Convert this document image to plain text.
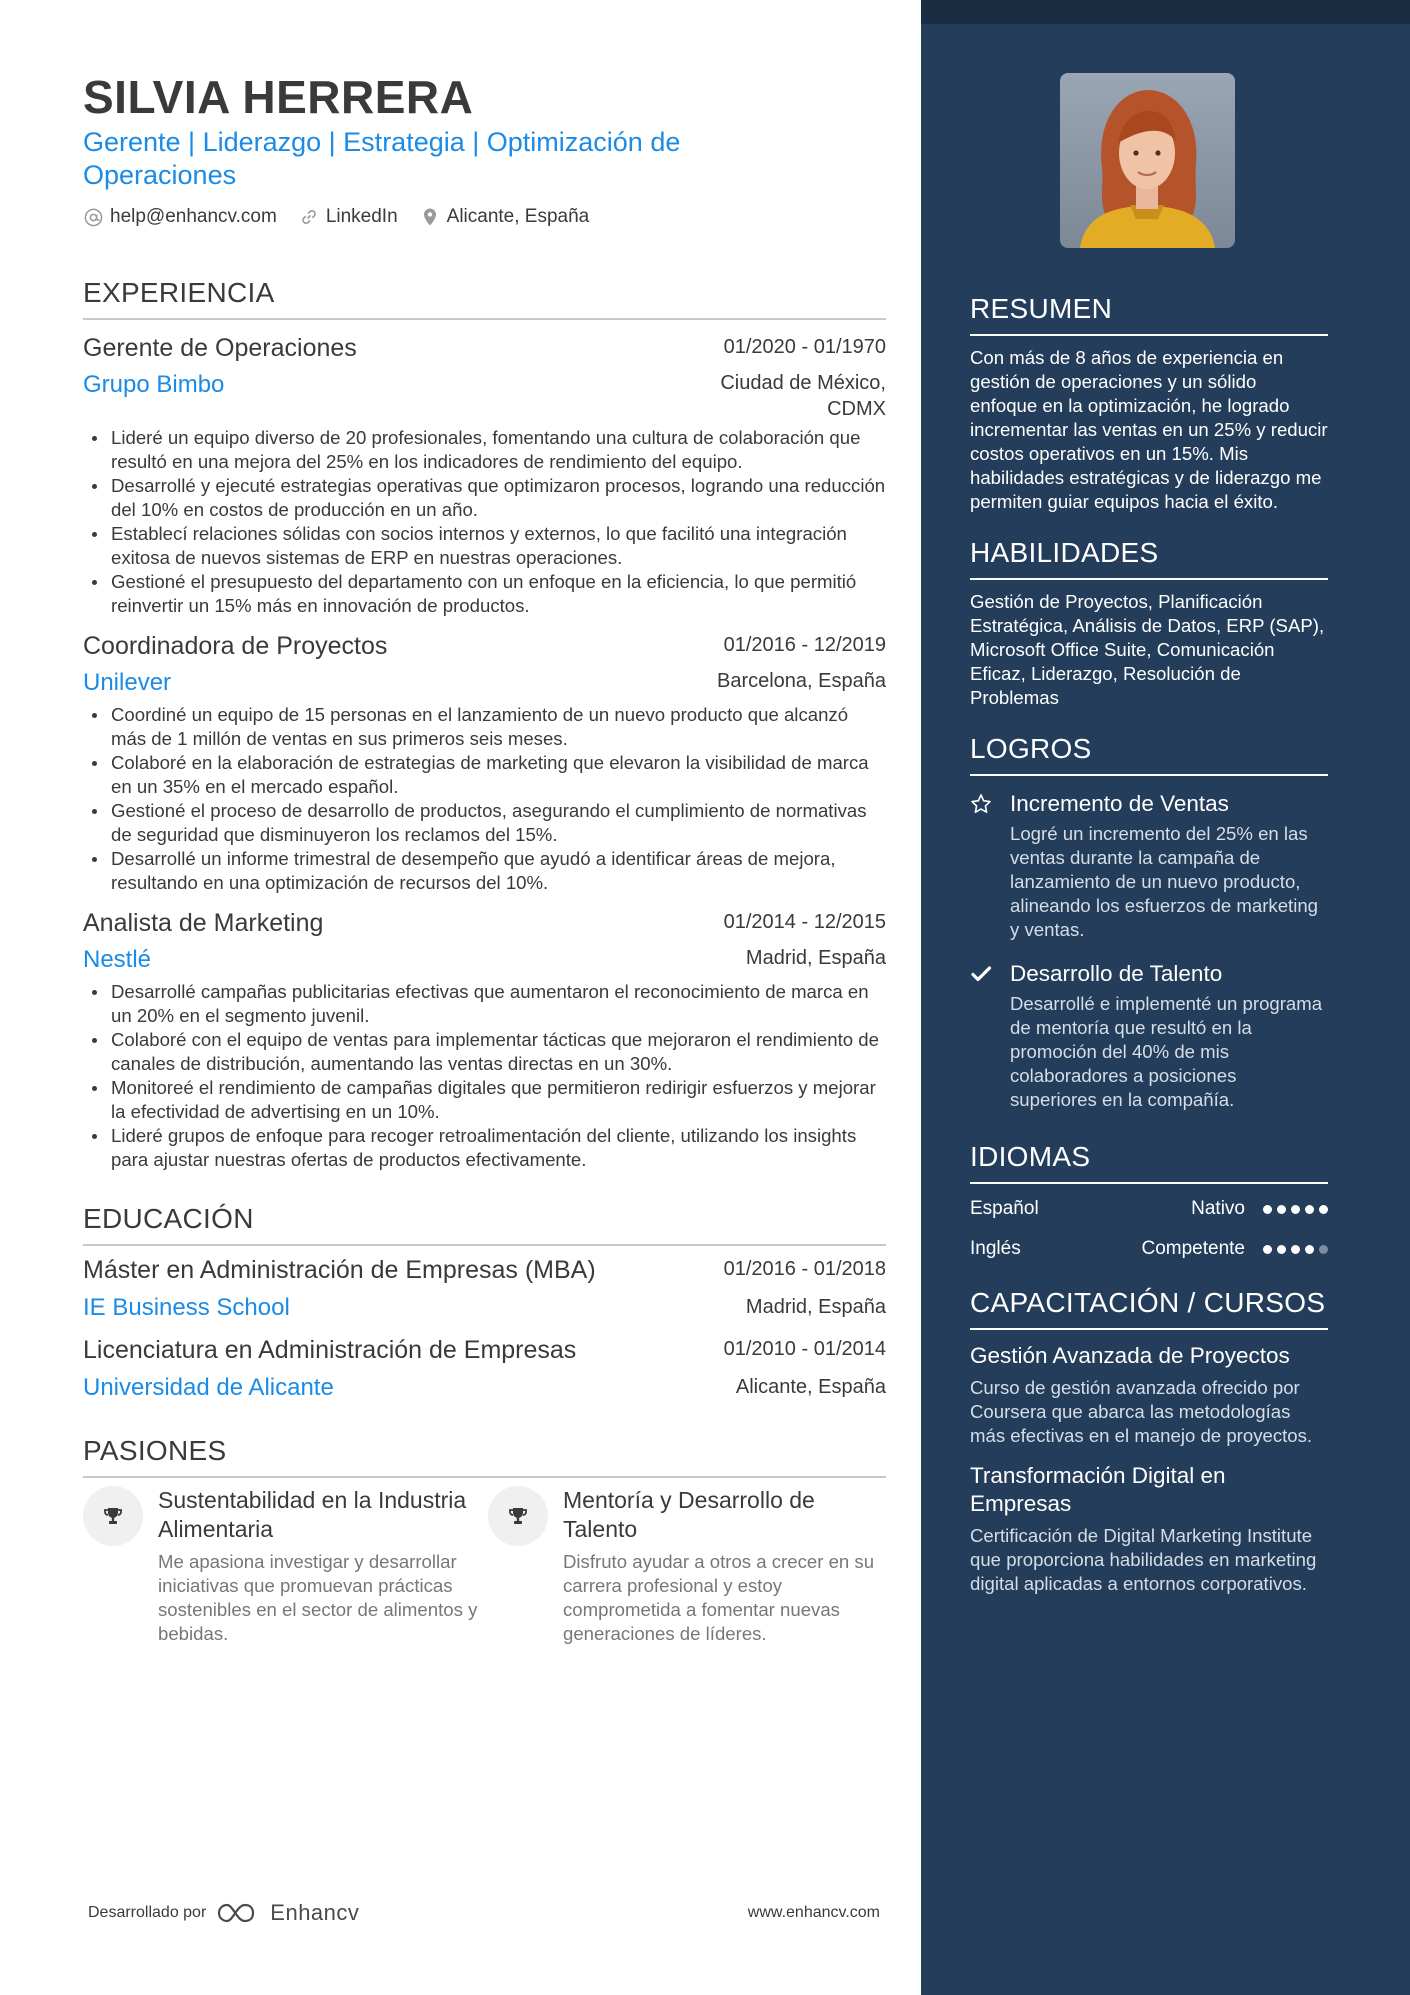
SILVIA HERRERA
Gerente | Liderazgo | Estrategia | Optimización de Operaciones
help@enhancv.com	LinkedIn	Alicante, España
EXPERIENCIA
Gerente de Operaciones	01/2020 - 01/1970
Grupo Bimbo	Ciudad de México, CDMX
Lideré un equipo diverso de 20 profesionales, fomentando una cultura de colaboración que resultó en una mejora del 25% en los indicadores de rendimiento del equipo.
Desarrollé y ejecuté estrategias operativas que optimizaron procesos, logrando una reducción del 10% en costos de producción en un año.
Establecí relaciones sólidas con socios internos y externos, lo que facilitó una integración exitosa de nuevos sistemas de ERP en nuestras operaciones.
Gestioné el presupuesto del departamento con un enfoque en la eficiencia, lo que permitió reinvertir un 15% más en innovación de productos.
Coordinadora de Proyectos	01/2016 - 12/2019
Unilever	Barcelona, España
Coordiné un equipo de 15 personas en el lanzamiento de un nuevo producto que alcanzó más de 1 millón de ventas en sus primeros seis meses.
Colaboré en la elaboración de estrategias de marketing que elevaron la visibilidad de marca en un 35% en el mercado español.
Gestioné el proceso de desarrollo de productos, asegurando el cumplimiento de normativas de seguridad que disminuyeron los reclamos del 15%.
Desarrollé un informe trimestral de desempeño que ayudó a identificar áreas de mejora, resultando en una optimización de recursos del 10%.
Analista de Marketing	01/2014 - 12/2015
Nestlé	Madrid, España
Desarrollé campañas publicitarias efectivas que aumentaron el reconocimiento de marca en un 20% en el segmento juvenil.
Colaboré con el equipo de ventas para implementar tácticas que mejoraron el rendimiento de canales de distribución, aumentando las ventas directas en un 30%.
Monitoreé el rendimiento de campañas digitales que permitieron redirigir esfuerzos y mejorar la efectividad de advertising en un 10%.
Lideré grupos de enfoque para recoger retroalimentación del cliente, utilizando los insights para ajustar nuestras ofertas de productos efectivamente.
EDUCACIÓN
Máster en Administración de Empresas (MBA)	01/2016 - 01/2018
IE Business School	Madrid, España
Licenciatura en Administración de Empresas	01/2010 - 01/2014
Universidad de Alicante	Alicante, España
PASIONES
Sustentabilidad en la Industria Alimentaria
Me apasiona investigar y desarrollar iniciativas que promuevan prácticas sostenibles en el sector de alimentos y bebidas.
Mentoría y Desarrollo de Talento
Disfruto ayudar a otros a crecer en su carrera profesional y estoy comprometida a fomentar nuevas generaciones de líderes.
Desarrollado por	Enhancv	www.enhancv.com
RESUMEN
Con más de 8 años de experiencia en gestión de operaciones y un sólido enfoque en la optimización, he logrado incrementar las ventas en un 25% y reducir costos operativos en un 15%. Mis habilidades estratégicas y de liderazgo me permiten guiar equipos hacia el éxito.
HABILIDADES
Gestión de Proyectos, Planificación Estratégica, Análisis de Datos, ERP (SAP), Microsoft Office Suite, Comunicación Eficaz, Liderazgo, Resolución de Problemas
LOGROS
Incremento de Ventas
Logré un incremento del 25% en las ventas durante la campaña de lanzamiento de un nuevo producto, alineando los esfuerzos de marketing y ventas.
Desarrollo de Talento
Desarrollé e implementé un programa de mentoría que resultó en la promoción del 40% de mis colaboradores a posiciones superiores en la compañía.
IDIOMAS
Español	Nativo
Inglés	Competente
CAPACITACIÓN / CURSOS
Gestión Avanzada de Proyectos
Curso de gestión avanzada ofrecido por Coursera que abarca las metodologías más efectivas en el manejo de proyectos.
Transformación Digital en Empresas
Certificación de Digital Marketing Institute que proporciona habilidades en marketing digital aplicadas a entornos corporativos.
